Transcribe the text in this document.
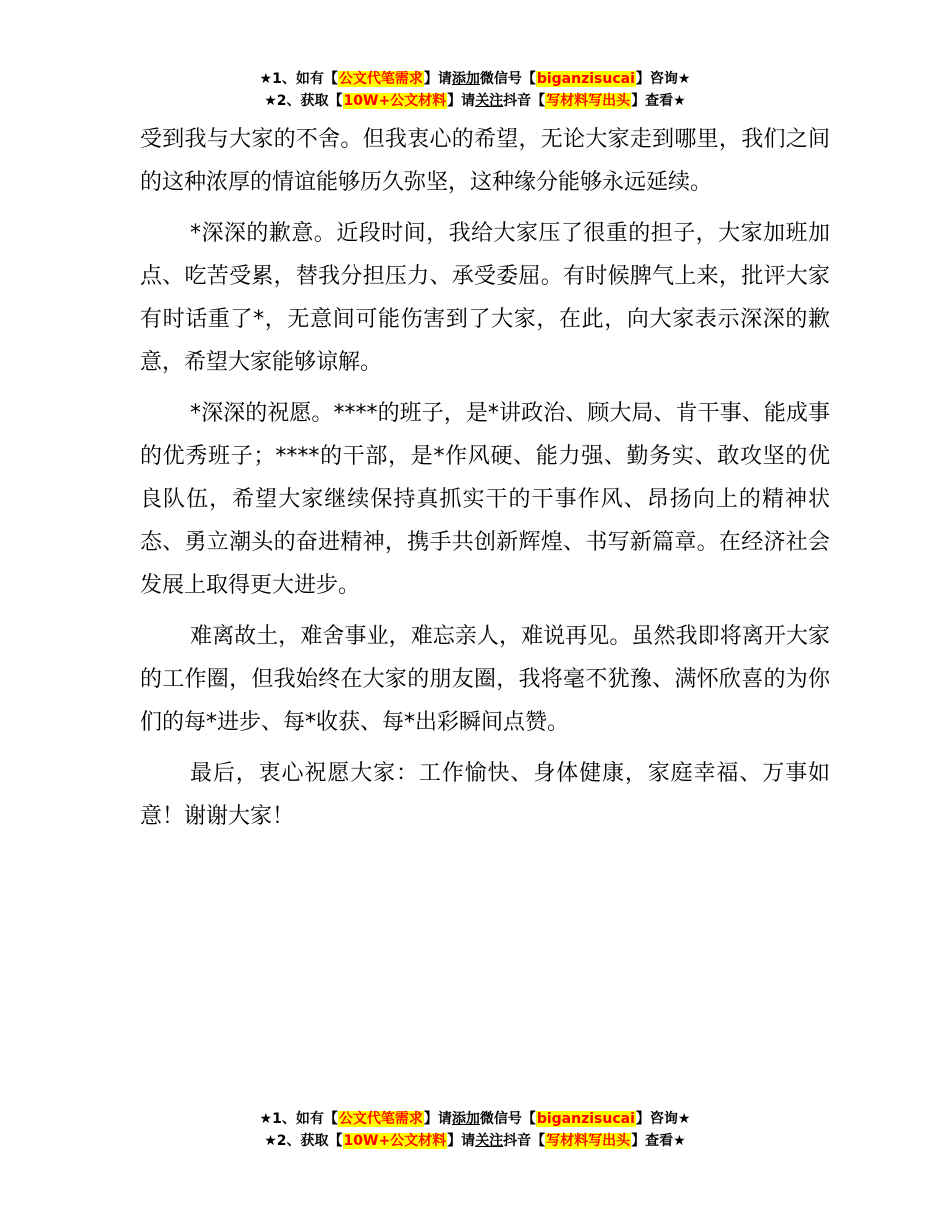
★1、如有【公文代笔需求】请添加微信号【biganzisucai】咨询★
★2、获取【10W+公文材料】请关注抖音【写材料写出头】查看★

受到我与大家的不舍。但我衷心的希望，无论大家走到哪里，我们之间的这种浓厚的情谊能够历久弥坚，这种缘分能够永远延续。

*深深的歉意。近段时间，我给大家压了很重的担子，大家加班加点、吃苦受累，替我分担压力、承受委屈。有时候脾气上来，批评大家有时话重了*，无意间可能伤害到了大家，在此，向大家表示深深的歉意，希望大家能够谅解。

*深深的祝愿。****的班子，是*讲政治、顾大局、肯干事、能成事的优秀班子；****的干部，是*作风硬、能力强、勤务实、敢攻坚的优良队伍，希望大家继续保持真抓实干的干事作风、昂扬向上的精神状态、勇立潮头的奋进精神，携手共创新辉煌、书写新篇章。在经济社会发展上取得更大进步。

难离故土，难舍事业，难忘亲人，难说再见。虽然我即将离开大家的工作圈，但我始终在大家的朋友圈，我将毫不犹豫、满怀欣喜的为你们的每*进步、每*收获、每*出彩瞬间点赞。

最后，衷心祝愿大家：工作愉快、身体健康，家庭幸福、万事如意！谢谢大家！

★1、如有【公文代笔需求】请添加微信号【biganzisucai】咨询★
★2、获取【10W+公文材料】请关注抖音【写材料写出头】查看★
